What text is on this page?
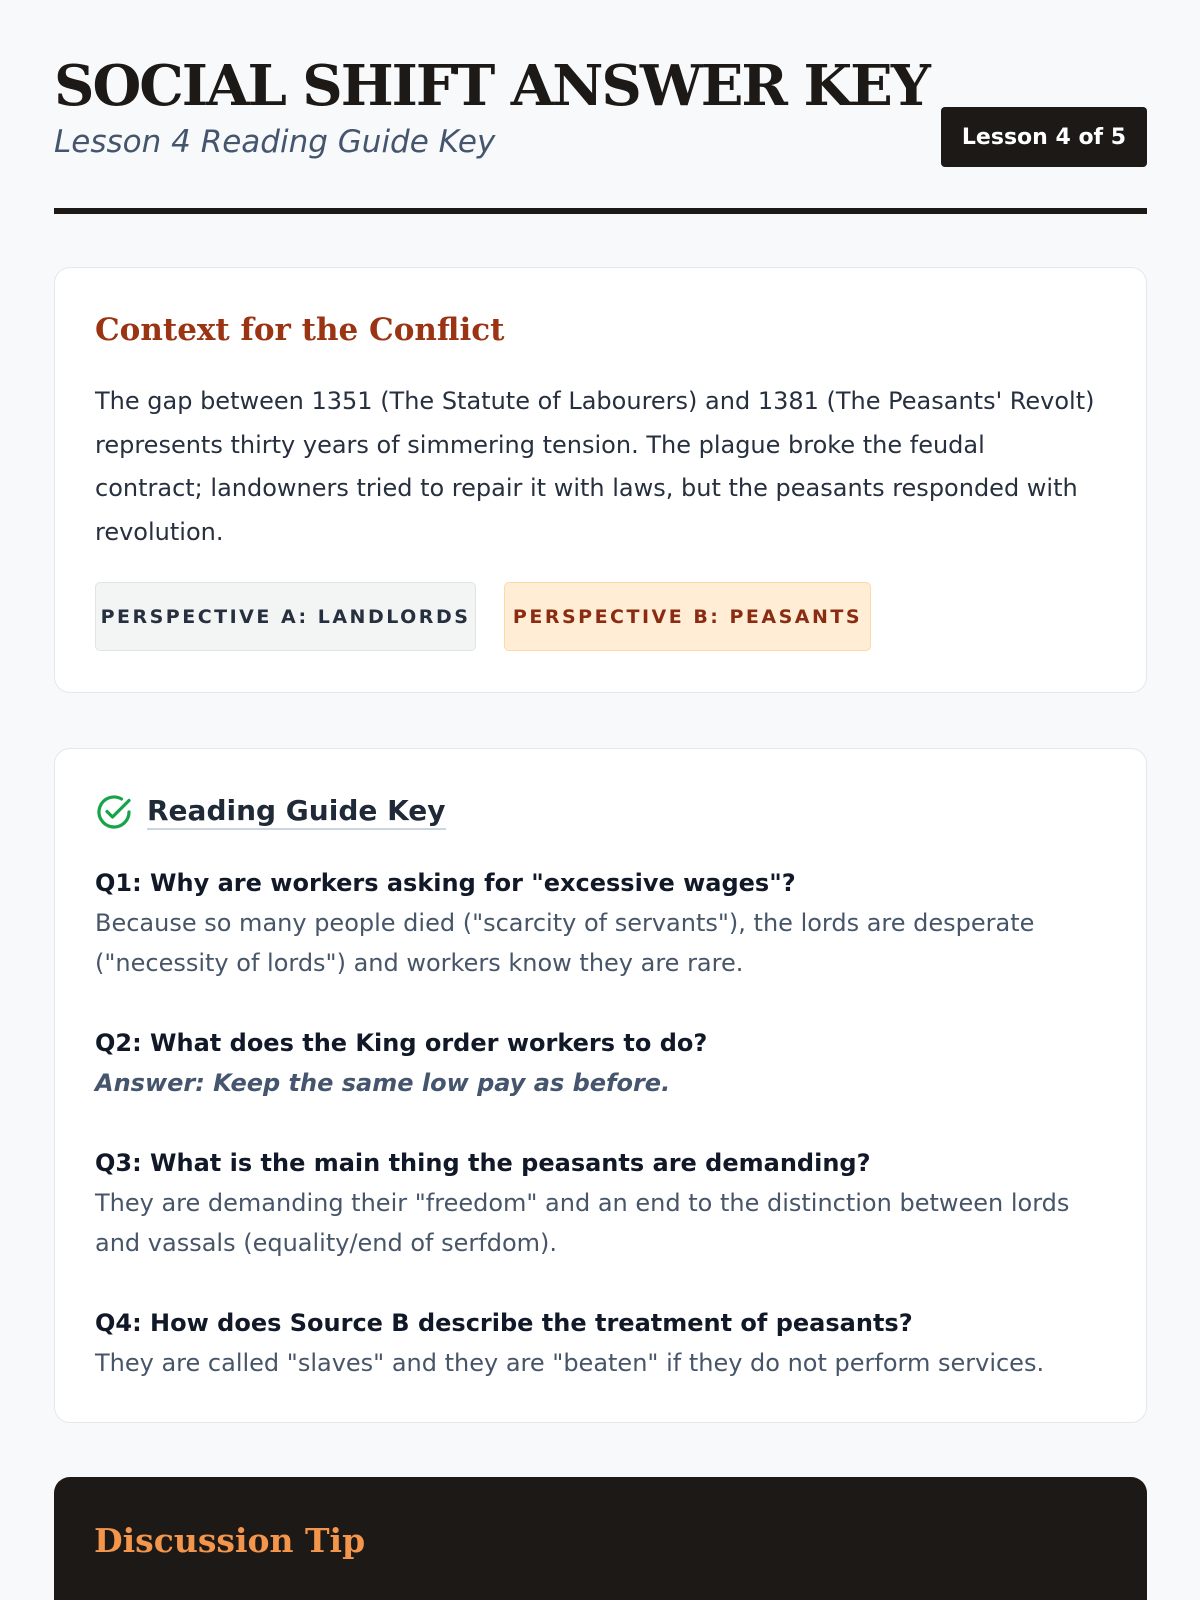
SOCIAL SHIFT ANSWER KEY
Lesson 4 Reading Guide Key	Lesson 4 of 5
Context for the Conflict

The gap between 1351 (The Statute of Labourers) and 1381 (The Peasants' Revolt) represents thirty years of simmering tension. The plague broke the feudal contract; landowners tried to repair it with laws, but the peasants responded with revolution.

PERSPECTIVE A: LANDLORDS	PERSPECTIVE B: PEASANTS
Reading Guide Key
Q1: Why are workers asking for "excessive wages"?
Because so many people died ("scarcity of servants"), the lords are desperate ("necessity of lords") and workers know they are rare.
Q2: What does the King order workers to do?
Answer: Keep the same low pay as before.
Q3: What is the main thing the peasants are demanding?
They are demanding their "freedom" and an end to the distinction between lords and vassals (equality/end of serfdom).
Q4: How does Source B describe the treatment of peasants?
They are called "slaves" and they are "beaten" if they do not perform services.
Discussion Tip
